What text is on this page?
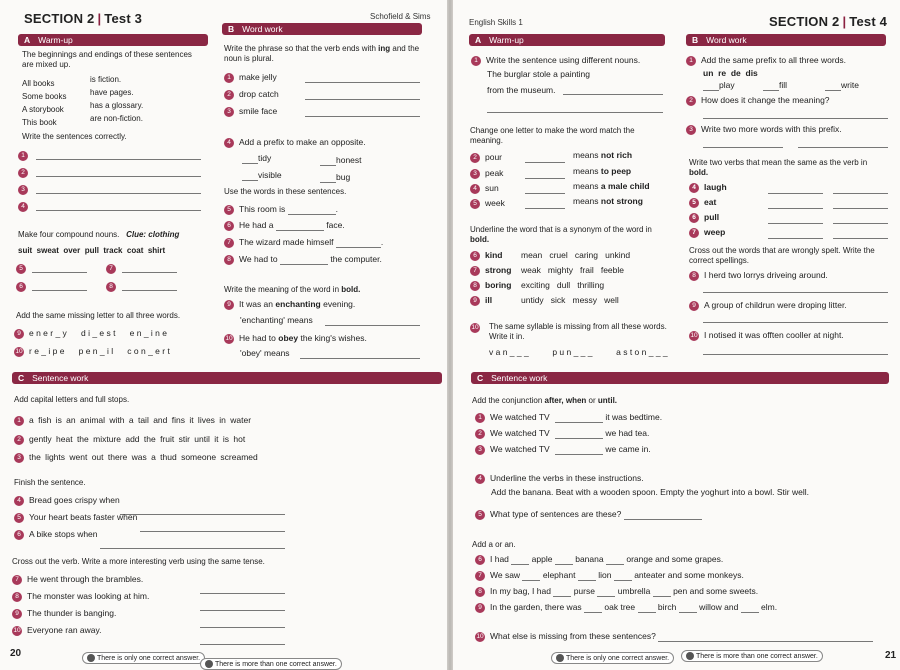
SECTION 2 | Test 3	Schofield & Sims
A Warm-up
The beginnings and endings of these sentences are mixed up.
All books	is fiction.
Some books	have pages.
A storybook	has a glossary.
This book	are non-fiction.
Write the sentences correctly.
1
2
3
4
Make four compound nouns. Clue: clothing
suit  sweat  over  pull  track  coat  shirt
5	7
6	8
Add the same missing letter to all three words.
9 e n e r _ y d i _ e s t e n _ i n e
10 r e _ i p e p e n _ i l c o n _ e r t
B Word work
Write the phrase so that the verb ends with ing and the noun is plural.
1 make jelly
2 drop catch
3 smile face
4 Add a prefix to make an opposite.
tidy	honest
visible	bug
Use the words in these sentences.
5 This room is	.
6 He had a	face.
7 The wizard made himself	.
8 We had to	the computer.
Write the meaning of the word in bold.
9 It was an enchanting evening.
'enchanting' means
10 He had to obey the king's wishes.
'obey' means
C Sentence work
Add capital letters and full stops.
1 a fish is an animal with a tail and fins it lives in water
2 gently heat the mixture add the fruit stir until it is hot
3 the lights went out there was a thud someone screamed
Finish the sentence.
4 Bread goes crispy when
5 Your heart beats faster when
6 A bike stops when
Cross out the verb. Write a more interesting verb using the same tense.
7 He went through the brambles.
8 The monster was looking at him.
9 The thunder is banging.
10 Everyone ran away.
20	There is only one correct answer.
There is more than one correct answer.
English Skills 1	SECTION 2 | Test 4
A Warm-up
1 Write the sentence using different nouns.
The burglar stole a painting
from the museum.
Change one letter to make the word match the meaning.
2 pour	means not rich
3 peak	means to peep
4 sun	means a male child
5 week	means not strong
Underline the word that is a synonym of the word in bold.
6 kind mean   cruel   caring   unkind
7 strong weak   mighty   frail   feeble
8 boring exciting   dull   thrilling
9 ill	untidy   sick   messy   well
10	The same syllable is missing from all these words. Write it in.
v a n _ _ _	p u n _ _ _	a s t o n _ _ _
B Word work
1 Add the same prefix to all three words.
un  re  de  dis
play	fill	write
2 How does it change the meaning?
3 Write two more words with this prefix.
Write two verbs that mean the same as the verb in bold.
4 laugh
5 eat
6 pull
7 weep
Cross out the words that are wrongly spelt. Write the correct spellings.
8 I herd two lorrys driveing around.
9 A group of childrun were droping litter.
10 I notised it was offten cooller at night.
C Sentence work
Add the conjunction after, when or until.
1 We watched TV	it was bedtime.
2 We watched TV	we had tea.
3 We watched TV	we came in.
4 Underline the verbs in these instructions.
Add the banana. Beat with a wooden spoon. Empty the yoghurt into a bowl. Stir well.
5 What type of sentences are these?
Add a or an.
6 I had	apple	banana	orange and some grapes.
7 We saw	elephant	lion	anteater and some monkeys.
8 In my bag, I had	purse	umbrella	pen and some sweets.
9 In the garden, there was	oak tree	birch	willow and	elm.
10 What else is missing from these sentences?
There is only one correct answer.	There is more than one correct answer.	21
